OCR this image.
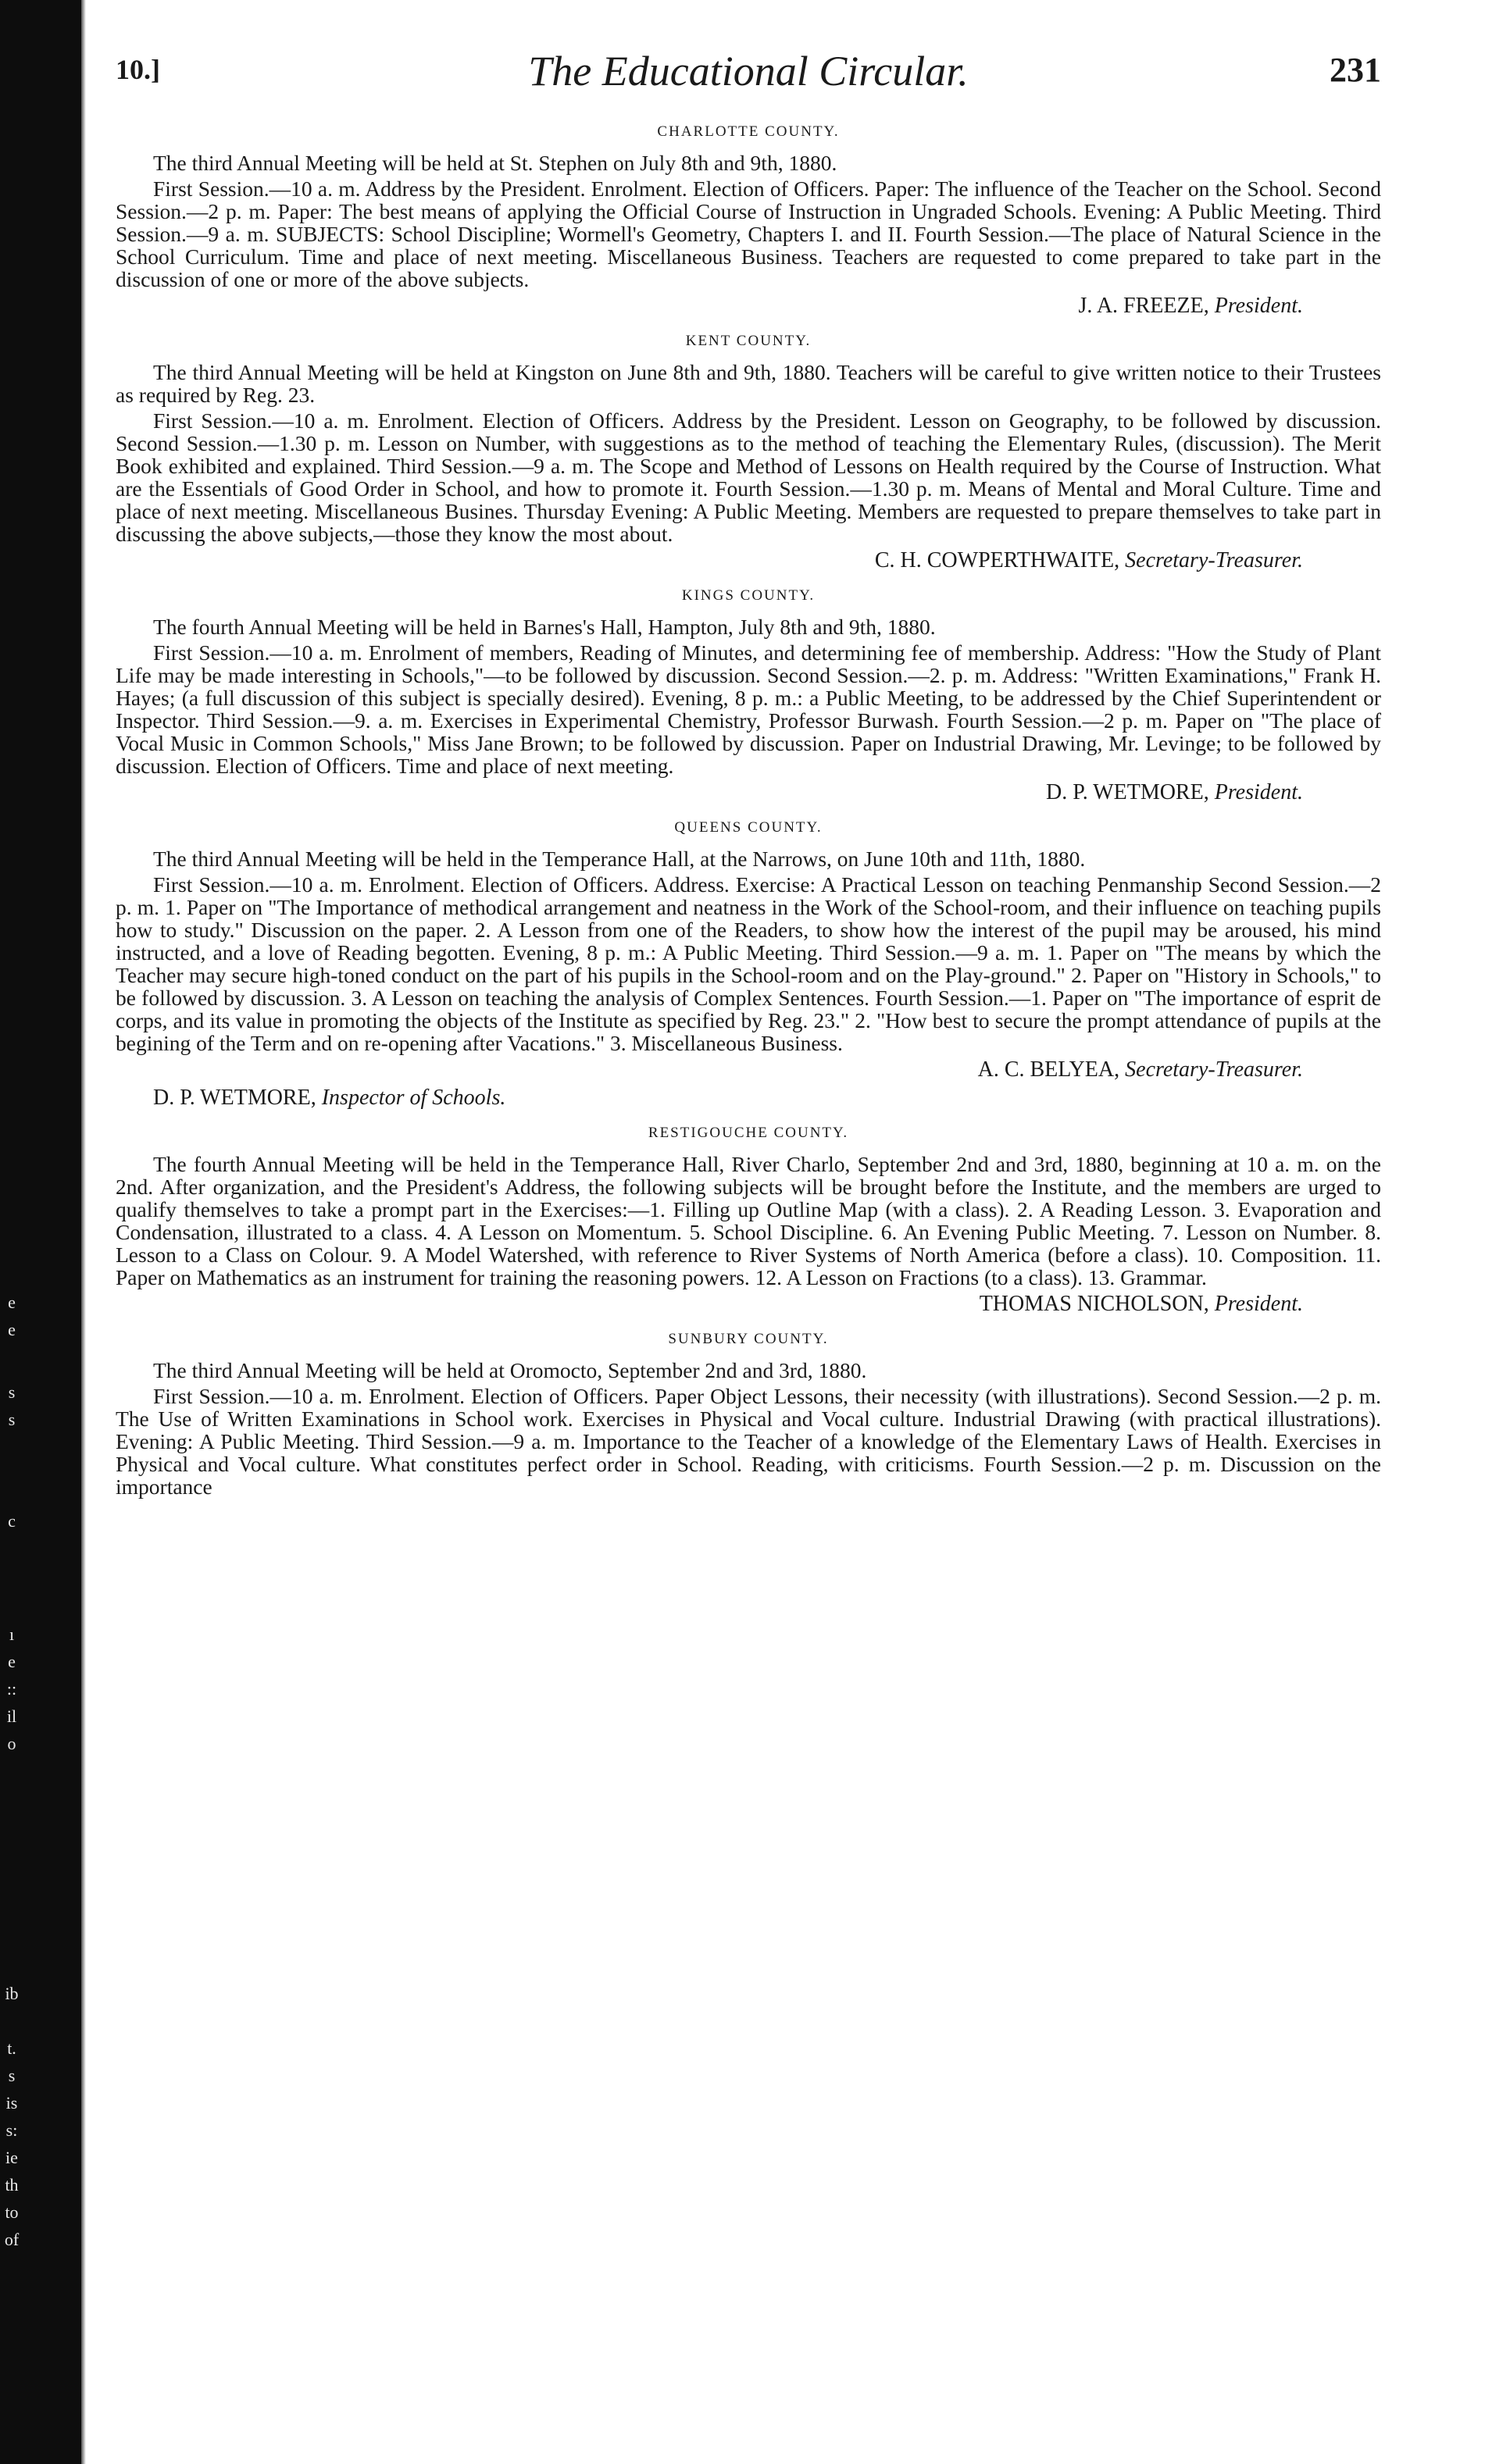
e
e
s
s
c
ı
e
::
il
o
ib
t.
s
is
s:
ie
th
to
of
10.]	The Educational Circular.	231
CHARLOTTE COUNTY.

The third Annual Meeting will be held at St. Stephen on July 8th and 9th, 1880.

First Session.—10 a. m. Address by the President. Enrolment. Election of Officers. Paper: The influence of the Teacher on the School. Second Session.—2 p. m. Paper: The best means of applying the Official Course of Instruction in Ungraded Schools. Evening: A Public Meeting. Third Session.—9 a. m. SUBJECTS: School Discipline; Wormell's Geometry, Chapters I. and II. Fourth Session.—The place of Natural Science in the School Curriculum. Time and place of next meeting. Miscellaneous Business. Teachers are requested to come prepared to take part in the discussion of one or more of the above subjects.

J. A. FREEZE, President.
KENT COUNTY.

The third Annual Meeting will be held at Kingston on June 8th and 9th, 1880. Teachers will be careful to give written notice to their Trustees as required by Reg. 23.

First Session.—10 a. m. Enrolment. Election of Officers. Address by the President. Lesson on Geography, to be followed by discussion. Second Session.—1.30 p. m. Lesson on Number, with suggestions as to the method of teaching the Elementary Rules, (discussion). The Merit Book exhibited and explained. Third Session.—9 a. m. The Scope and Method of Lessons on Health required by the Course of Instruction. What are the Essentials of Good Order in School, and how to promote it. Fourth Session.—1.30 p. m. Means of Mental and Moral Culture. Time and place of next meeting. Miscellaneous Busines. Thursday Evening: A Public Meeting. Members are requested to prepare themselves to take part in discussing the above subjects,—those they know the most about.

C. H. COWPERTHWAITE, Secretary-Treasurer.
KINGS COUNTY.

The fourth Annual Meeting will be held in Barnes's Hall, Hampton, July 8th and 9th, 1880.

First Session.—10 a. m. Enrolment of members, Reading of Minutes, and determining fee of membership. Address: "How the Study of Plant Life may be made interesting in Schools,"—to be followed by discussion. Second Session.—2. p. m. Address: "Written Examinations," Frank H. Hayes; (a full discussion of this subject is specially desired). Evening, 8 p. m.: a Public Meeting, to be addressed by the Chief Superintendent or Inspector. Third Session.—9. a. m. Exercises in Experimental Chemistry, Professor Burwash. Fourth Session.—2 p. m. Paper on "The place of Vocal Music in Common Schools," Miss Jane Brown; to be followed by discussion. Paper on Industrial Drawing, Mr. Levinge; to be followed by discussion. Election of Officers. Time and place of next meeting.

D. P. WETMORE, President.
QUEENS COUNTY.

The third Annual Meeting will be held in the Temperance Hall, at the Narrows, on June 10th and 11th, 1880.

First Session.—10 a. m. Enrolment. Election of Officers. Address. Exercise: A Practical Lesson on teaching Penmanship Second Session.—2 p. m. 1. Paper on "The Importance of methodical arrangement and neatness in the Work of the School-room, and their influence on teaching pupils how to study." Discussion on the paper. 2. A Lesson from one of the Readers, to show how the interest of the pupil may be aroused, his mind instructed, and a love of Reading begotten. Evening, 8 p. m.: A Public Meeting. Third Session.—9 a. m. 1. Paper on "The means by which the Teacher may secure high-toned conduct on the part of his pupils in the School-room and on the Play-ground." 2. Paper on "History in Schools," to be followed by discussion. 3. A Lesson on teaching the analysis of Complex Sentences. Fourth Session.—1. Paper on "The importance of esprit de corps, and its value in promoting the objects of the Institute as specified by Reg. 23." 2. "How best to secure the prompt attendance of pupils at the begining of the Term and on re-opening after Vacations." 3. Miscellaneous Business.

A. C. BELYEA, Secretary-Treasurer.
D. P. WETMORE, Inspector of Schools.
RESTIGOUCHE COUNTY.

The fourth Annual Meeting will be held in the Temperance Hall, River Charlo, September 2nd and 3rd, 1880, beginning at 10 a. m. on the 2nd. After organization, and the President's Address, the following subjects will be brought before the Institute, and the members are urged to qualify themselves to take a prompt part in the Exercises:—1. Filling up Outline Map (with a class). 2. A Reading Lesson. 3. Evaporation and Condensation, illustrated to a class. 4. A Lesson on Momentum. 5. School Discipline. 6. An Evening Public Meeting. 7. Lesson on Number. 8. Lesson to a Class on Colour. 9. A Model Watershed, with reference to River Systems of North America (before a class). 10. Composition. 11. Paper on Mathematics as an instrument for training the reasoning powers. 12. A Lesson on Fractions (to a class). 13. Grammar.

THOMAS NICHOLSON, President.
SUNBURY COUNTY.

The third Annual Meeting will be held at Oromocto, September 2nd and 3rd, 1880.

First Session.—10 a. m. Enrolment. Election of Officers. Paper Object Lessons, their necessity (with illustrations). Second Session.—2 p. m. The Use of Written Examinations in School work. Exercises in Physical and Vocal culture. Industrial Drawing (with practical illustrations). Evening: A Public Meeting. Third Session.—9 a. m. Importance to the Teacher of a knowledge of the Elementary Laws of Health. Exercises in Physical and Vocal culture. What constitutes perfect order in School. Reading, with criticisms. Fourth Session.—2 p. m. Discussion on the importance
